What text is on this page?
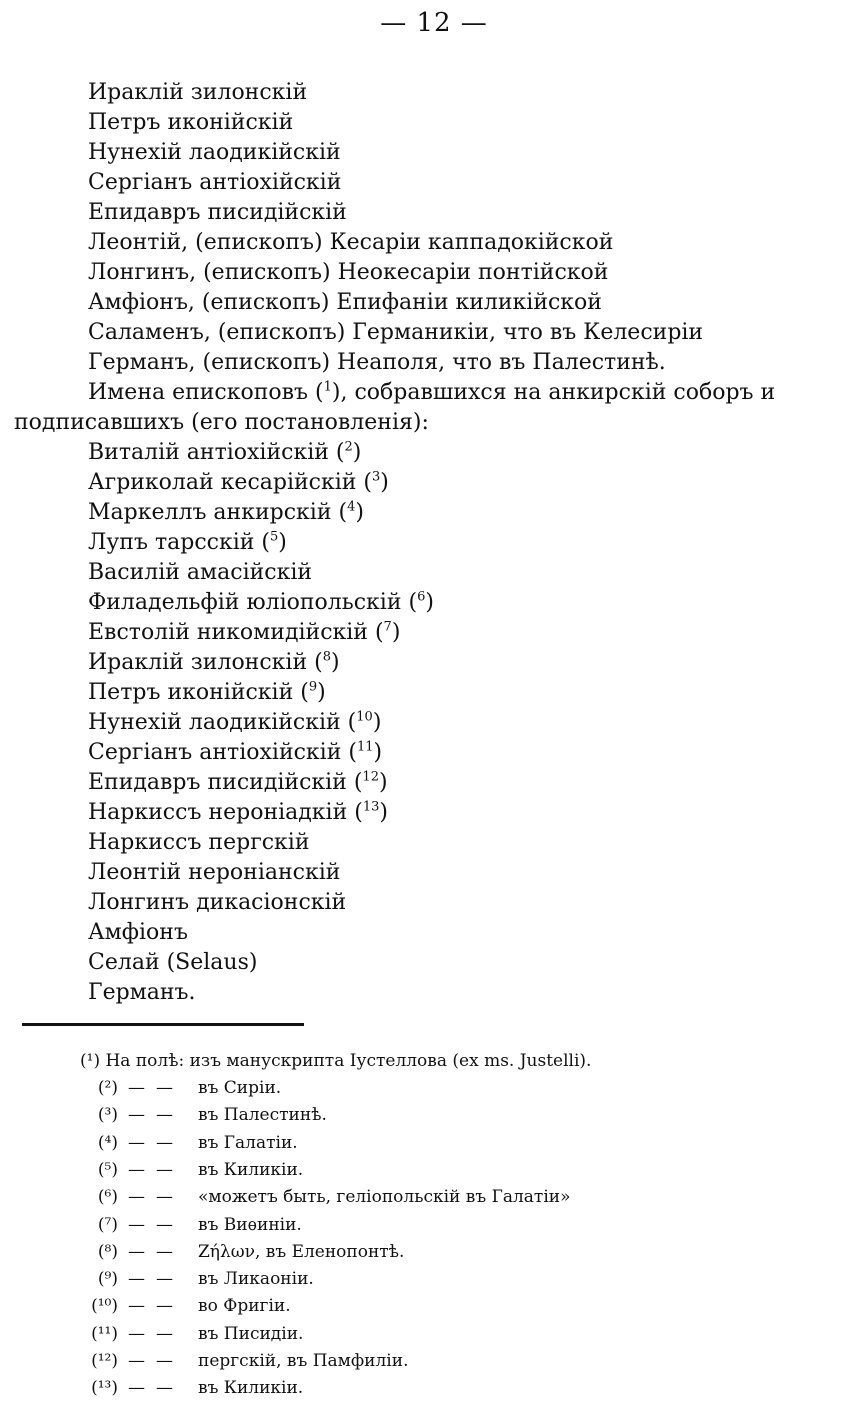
— 12 —
Ираклій зилонскій
Петръ иконійскій
Нунехій лаодикійскій
Сергіанъ антіохійскій
Епидавръ писидійскій
Леонтій, (епископъ) Кесаріи каппадокійской
Лонгинъ, (епископъ) Неокесаріи понтійской
Амфіонъ, (епископъ) Епифаніи киликійской
Саламенъ, (епископъ) Германикіи, что въ Келесиріи
Германъ, (епископъ) Неаполя, что въ Палестинѣ.
Имена епископовъ ($^1$), собравшихся на анкирскій соборъ и
подписавшихъ (его постановленія):
Виталій антіохійскій ($^2$)
Агриколай кесарійскій ($^3$)
Маркеллъ анкирскій ($^4$)
Лупъ тарсскій ($^5$)
Василій амасійскій
Филадельфій юліопольскій ($^6$)
Евстолій никомидійскій ($^7$)
Ираклій зилонскій ($^8$)
Петръ иконійскій ($^9$)
Нунехій лаодикійскій ($^{10}$)
Сергіанъ антіохійскій ($^{11}$)
Епидавръ писидійскій ($^{12}$)
Наркиссъ нероніадкій ($^{13}$)
Наркиссъ пергскій
Леонтій нероніанскій
Лонгинъ дикасіонскій
Амфіонъ
Селай (Selaus)
Германъ.
(¹) На полѣ: изъ манускрипта Іустеллова (ex ms. Justelli).
(²) — — въ Сиріи.
(³) — — въ Палестинѣ.
(⁴) — — въ Галатіи.
(⁵) — — въ Киликіи.
(⁶) — — «можетъ быть, геліопольскій въ Галатіи»
(⁷) — — въ Виѳиніи.
(⁸) — — Ζήλων, въ Еленопонтѣ.
(⁹) — — въ Ликаоніи.
(¹⁰) — — во Фригіи.
(¹¹) — — въ Писидіи.
(¹²) — — пергскій, въ Памфиліи.
(¹³) — — въ Киликіи.
